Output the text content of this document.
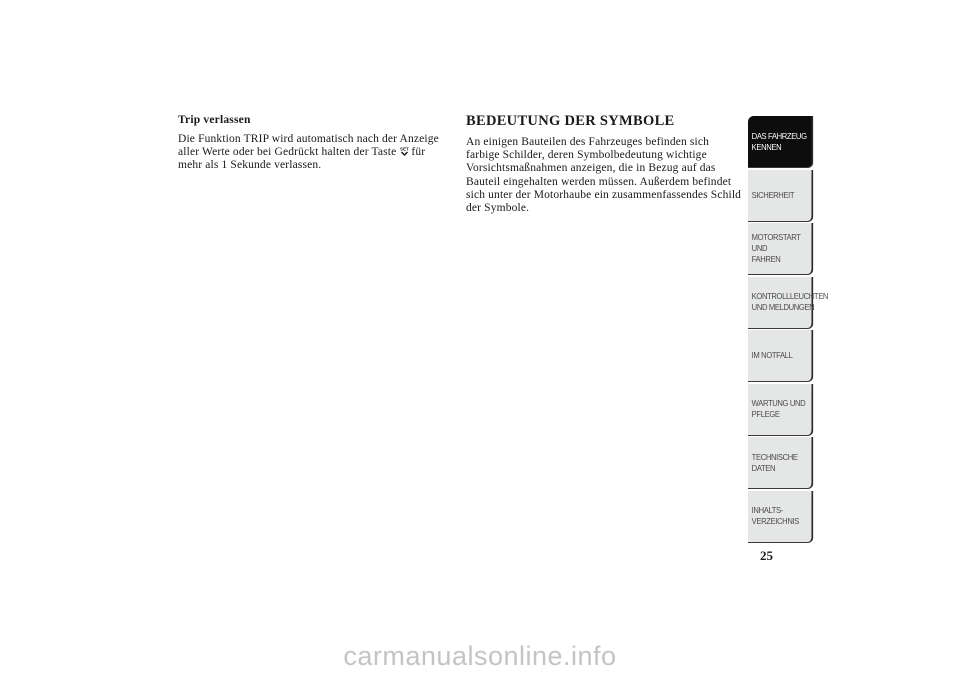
Trip verlassen

Die Funktion TRIP wird automatisch nach der Anzeige aller Werte oder bei Gedrückt halten der Taste SET für mehr als 1 Sekunde verlassen.

BEDEUTUNG DER SYMBOLE

An einigen Bauteilen des Fahrzeuges befinden sich farbige Schilder, deren Symbolbedeutung wichtige Vorsichtsmaßnahmen anzeigen, die in Bezug auf das Bauteil eingehalten werden müssen. Außerdem befindet sich unter der Motorhaube ein zusammenfassendes Schild der Symbole.

DAS FAHRZEUG
KENNEN
SICHERHEIT
MOTORSTART UND
FAHREN
KONTROLLLEUCHTEN
UND MELDUNGEN
IM NOTFALL
WARTUNG UND
PFLEGE
TECHNISCHE
DATEN
INHALTS-
VERZEICHNIS
25
carmanualsonline.info
